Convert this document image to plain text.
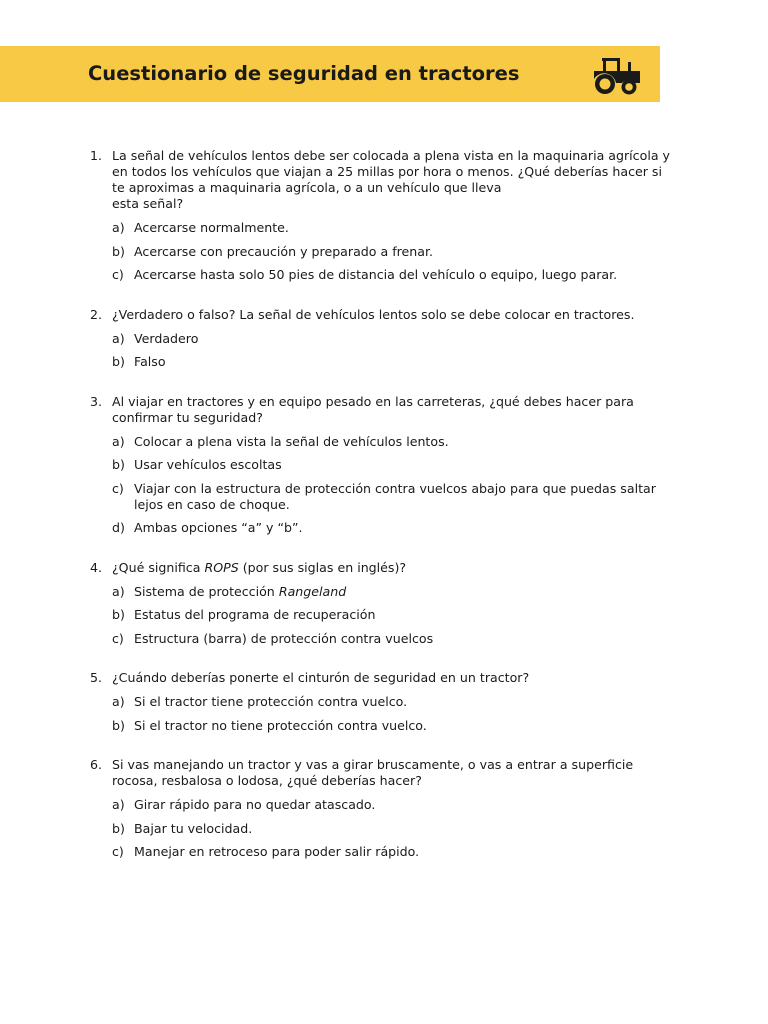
Cuestionario de seguridad en tractores
1. La señal de vehículos lentos debe ser colocada a plena vista en la maquinaria agrícola y
en todos los vehículos que viajan a 25 millas por hora o menos. ¿Qué deberías hacer si
te aproximas a maquinaria agrícola, o a un vehículo que lleva
esta señal?
a) Acercarse normalmente.
b) Acercarse con precaución y preparado a frenar.
c) Acercarse hasta solo 50 pies de distancia del vehículo o equipo, luego parar.
2. ¿Verdadero o falso? La señal de vehículos lentos solo se debe colocar en tractores.
a) Verdadero
b) Falso
3. Al viajar en tractores y en equipo pesado en las carreteras, ¿qué debes hacer para
confirmar tu seguridad?
a) Colocar a plena vista la señal de vehículos lentos.
b) Usar vehículos escoltas
c) Viajar con la estructura de protección contra vuelcos abajo para que puedas saltar
lejos en caso de choque.
d) Ambas opciones “a” y “b”.
4. ¿Qué significa ROPS (por sus siglas en inglés)?
a) Sistema de protección Rangeland
b) Estatus del programa de recuperación
c) Estructura (barra) de protección contra vuelcos
5. ¿Cuándo deberías ponerte el cinturón de seguridad en un tractor?
a) Si el tractor tiene protección contra vuelco.
b) Si el tractor no tiene protección contra vuelco.
6. Si vas manejando un tractor y vas a girar bruscamente, o vas a entrar a superficie
rocosa, resbalosa o lodosa, ¿qué deberías hacer?
a) Girar rápido para no quedar atascado.
b) Bajar tu velocidad.
c) Manejar en retroceso para poder salir rápido.
